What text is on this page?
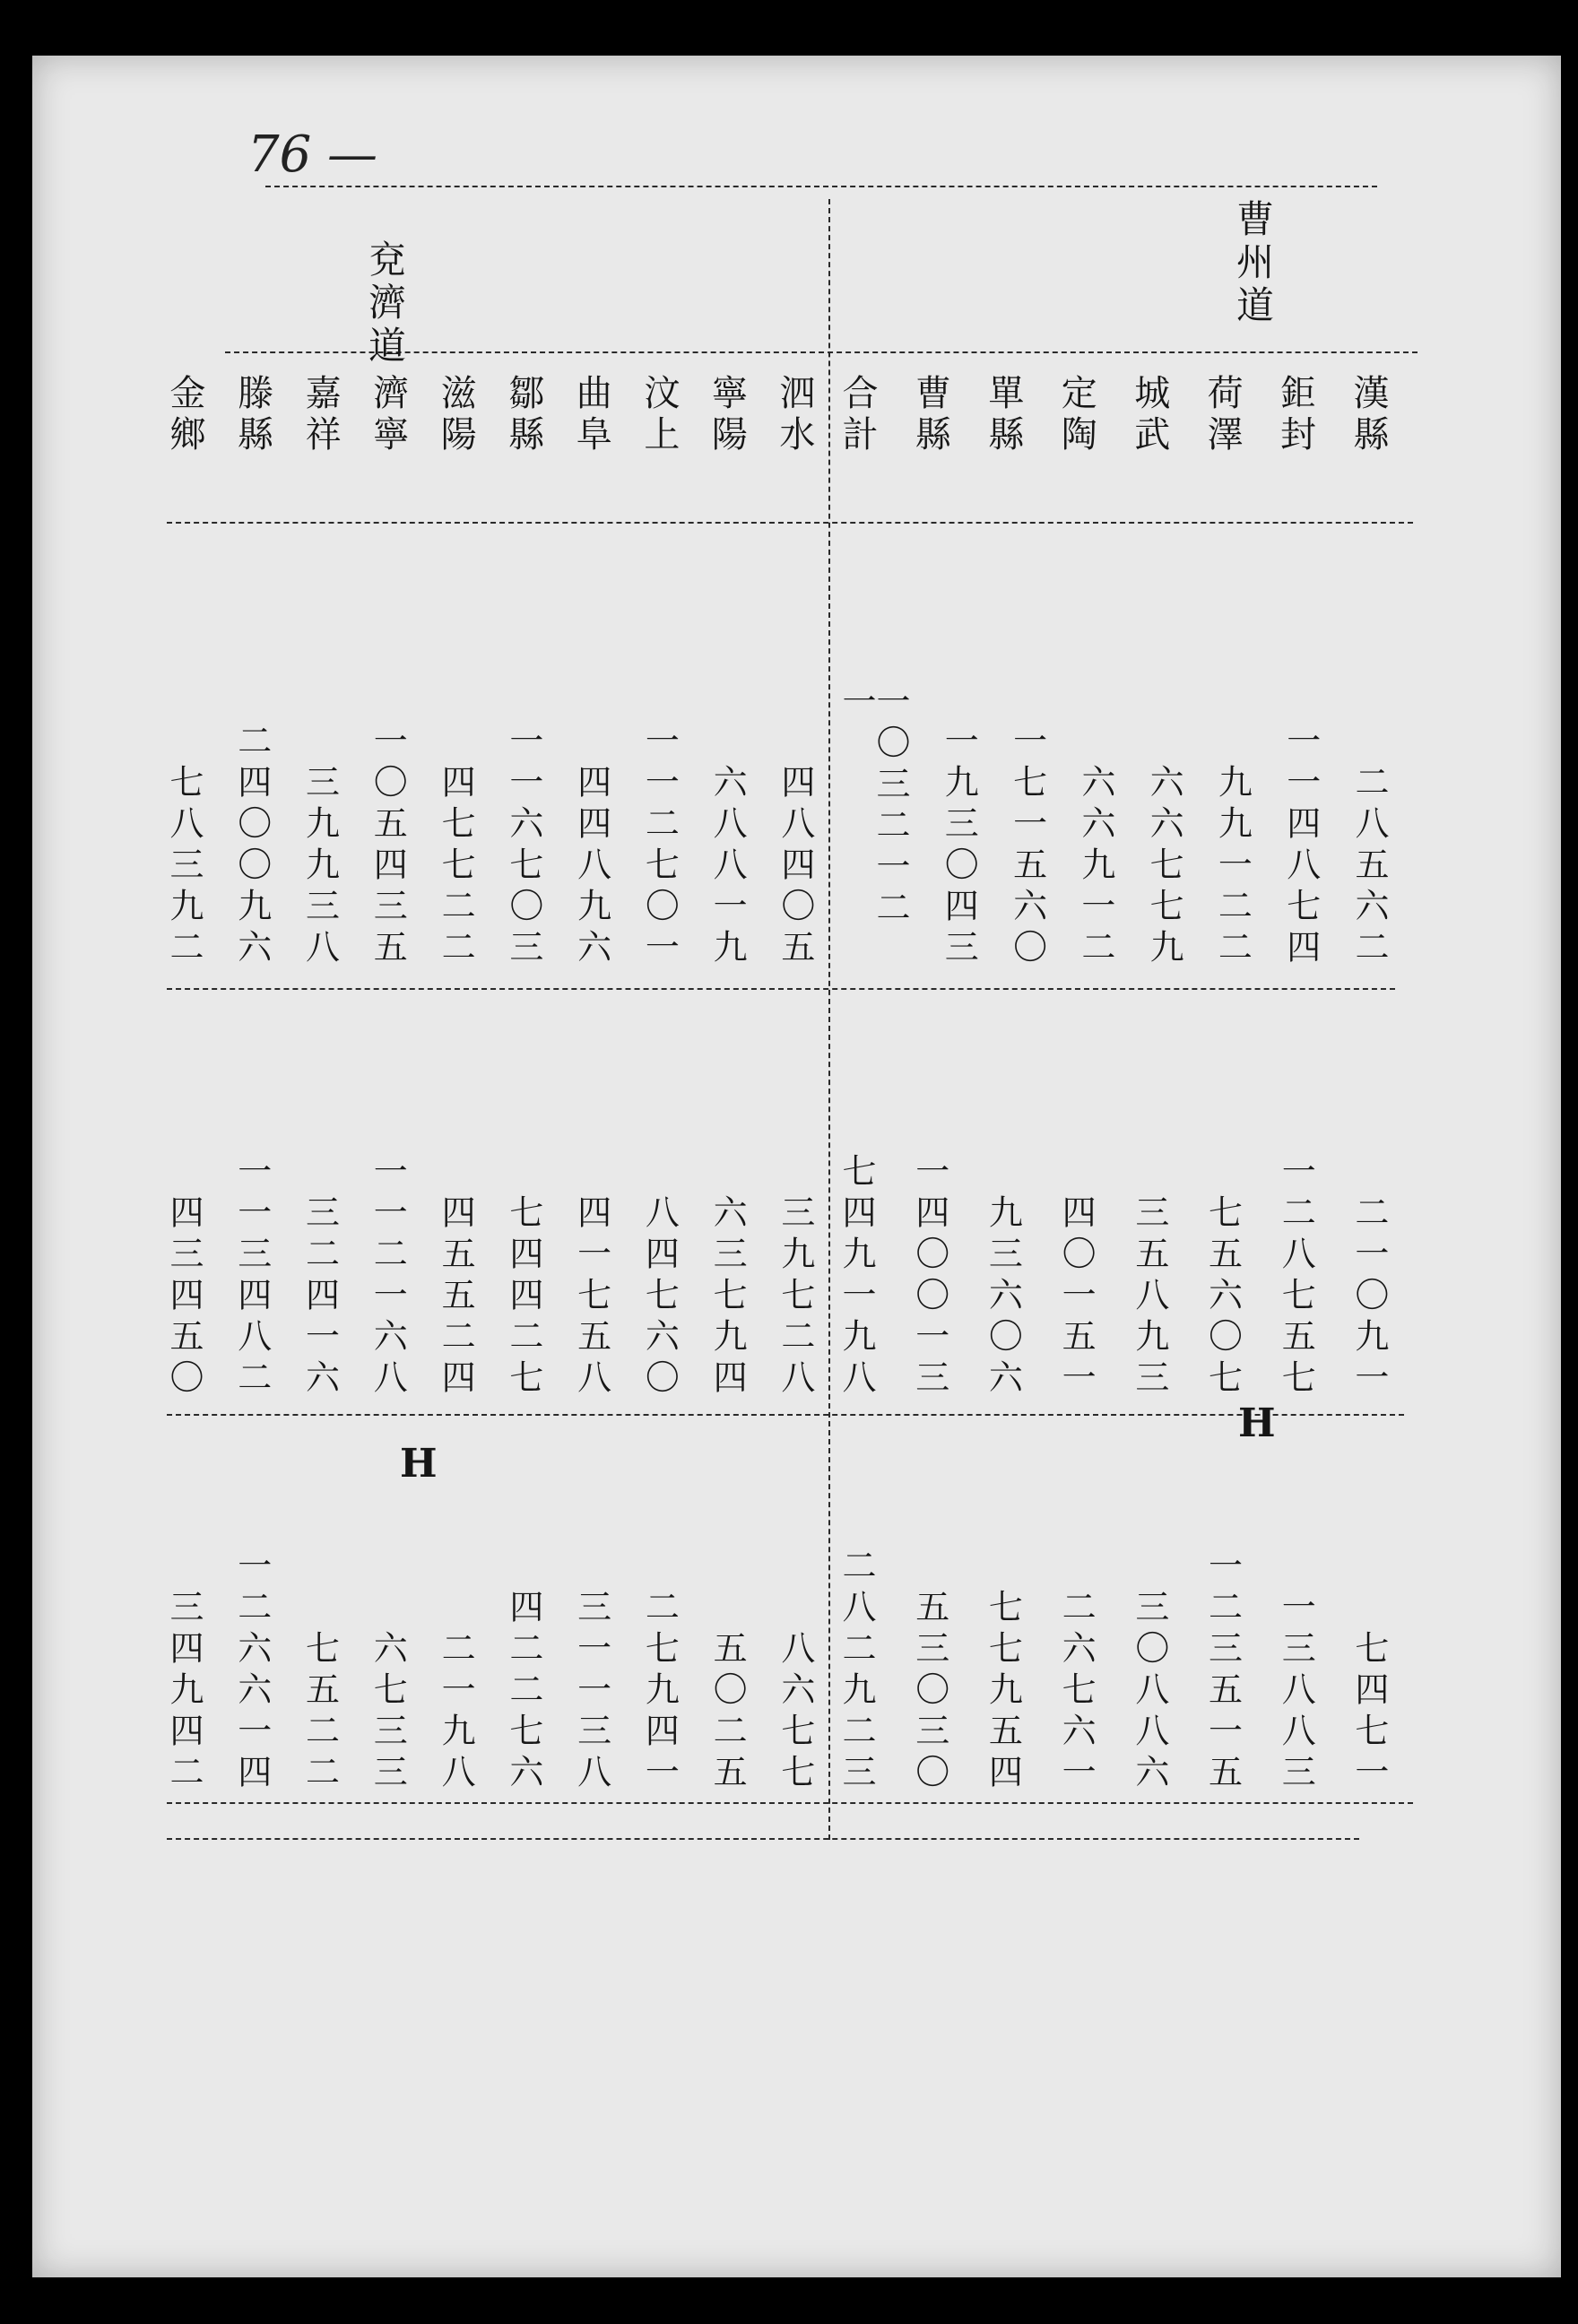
76 —
曹州道
兗濟道
漢縣
鉅封
荷澤
城武
定陶
單縣
曹縣
合計
泗水
寧陽
汶上
曲阜
鄒縣
滋陽
濟寧
嘉祥
滕縣
金鄉
二八五六二
一一四八七四
九九一二二
六六七七九
六六九一二
一七一五六〇
一九三〇四三
一〇三二一二一
四八四〇五
六八八一九
一一二七〇一
四四八九六
一一六七〇三
四七七二二
一〇五四三五
三九九三八
二四〇〇九六
七八三九二
二一〇九一
一二八七五七
七五六〇七
三五八九三
四〇一五一
九三六〇六
一四〇〇一三
七四九一九八
三九七二八
六三七九四
八四七六〇
四一七五八
七四四二七
四五五二四
一一二一六八
三二四一六
一一三四八二
四三四五〇
H
H
七四七一
一三八八三
一二三五一五
三〇八八六
二六七六一
七七九五四
五三〇三〇
二八二九二三
八六七七
五〇二五
二七九四一
三一一三八
四二二七六
二一九八
六七三三
七五二二
一二六六一四
三四九四二
